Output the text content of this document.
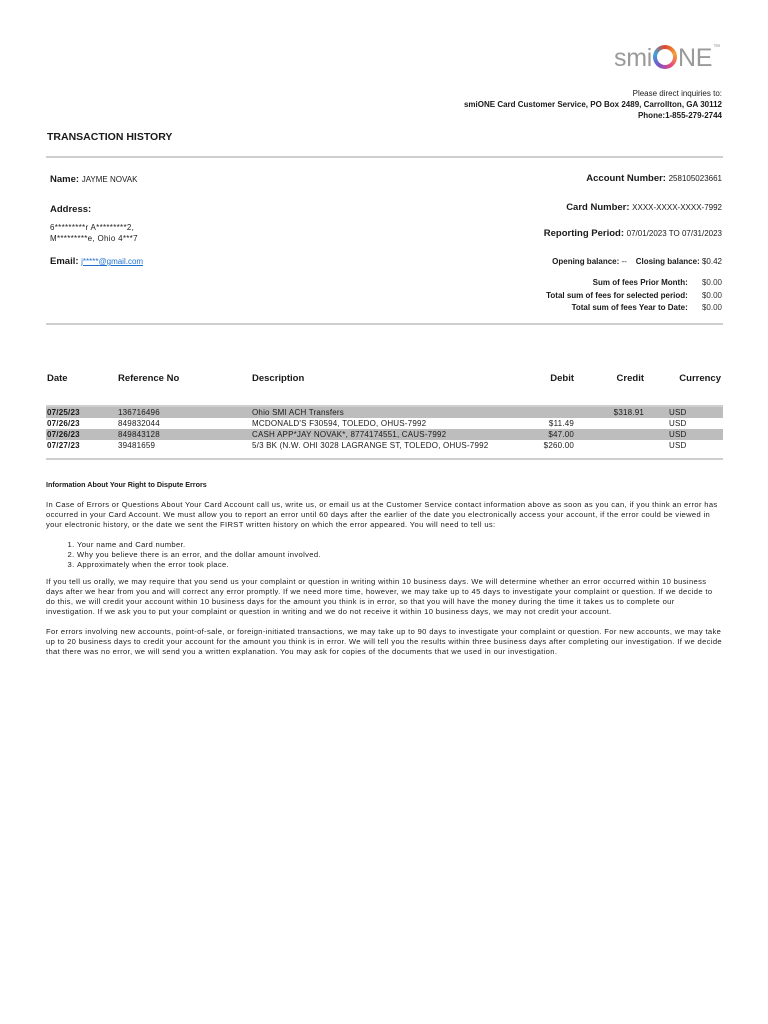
smi NE™
Please direct inquiries to:
smiONE Card Customer Service, PO Box 2489, Carrollton, GA 30112
Phone:1-855-279-2744
TRANSACTION HISTORY
Name: JAYME NOVAK
Address:
6*********r A*********2,
M*********e, Ohio 4***7
Email: j*****@gmail.com
Account Number: 258105023661
Card Number: XXXX-XXXX-XXXX-7992
Reporting Period: 07/01/2023 TO 07/31/2023
Opening balance: -- Closing balance: $0.42
Sum of fees Prior Month: $0.00
Total sum of fees for selected period: $0.00
Total sum of fees Year to Date: $0.00
Date	Reference No	Description	Debit	Credit	Currency

07/25/23	136716496	Ohio SMI ACH Transfers		$318.91	USD
07/26/23	849832044	MCDONALD'S F30594, TOLEDO, OHUS-7992	$11.49		USD
07/26/23	849843128	CASH APP*JAY NOVAK*, 8774174551, CAUS-7992	$47.00		USD
07/27/23	39481659	5/3 BK (N.W. OHI 3028 LAGRANGE ST, TOLEDO, OHUS-7992	$260.00		USD
Information About Your Right to Dispute Errors

In Case of Errors or Questions About Your Card Account call us, write us, or email us at the Customer Service contact information above as soon as you can, if you think an error has occurred in your Card Account. We must allow you to report an error until 60 days after the earlier of the date you electronically access your account, if the error could be viewed in your electronic history, or the date we sent the FIRST written history on which the error appeared. You will need to tell us:

1. Your name and Card number.
2. Why you believe there is an error, and the dollar amount involved.
3. Approximately when the error took place.

If you tell us orally, we may require that you send us your complaint or question in writing within 10 business days. We will determine whether an error occurred within 10 business days after we hear from you and will correct any error promptly. If we need more time, however, we may take up to 45 days to investigate your complaint or question. If we decide to do this, we will credit your account within 10 business days for the amount you think is in error, so that you will have the money during the time it takes us to complete our investigation. If we ask you to put your complaint or question in writing and we do not receive it within 10 business days, we may not credit your account.

For errors involving new accounts, point-of-sale, or foreign-initiated transactions, we may take up to 90 days to investigate your complaint or question. For new accounts, we may take up to 20 business days to credit your account for the amount you think is in error. We will tell you the results within three business days after completing our investigation. If we decide that there was no error, we will send you a written explanation. You may ask for copies of the documents that we used in our investigation.
